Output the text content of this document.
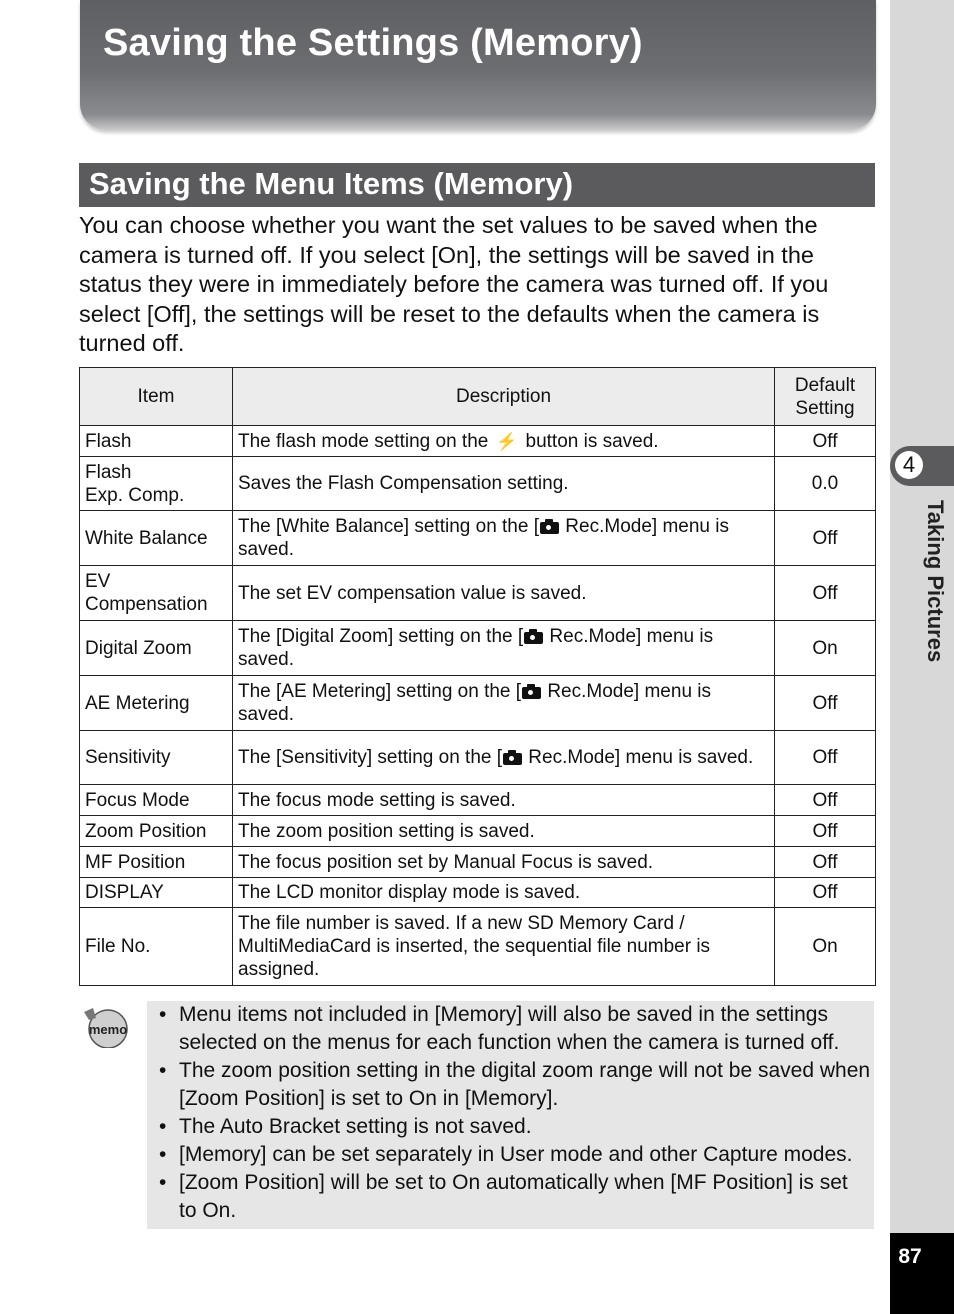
Saving the Settings (Memory)
Saving the Menu Items (Memory)

You can choose whether you want the set values to be saved when the camera is turned off. If you select [On], the settings will be saved in the status they were in immediately before the camera was turned off. If you select [Off], the settings will be reset to the defaults when the camera is turned off.

Item	Description	Default
Setting
Flash	The flash mode setting on the ⚡ button is saved.	Off
Flash
Exp. Comp.	Saves the Flash Compensation setting.	0.0
White Balance	The [White Balance] setting on the [
Rec.Mode] menu is saved.	Off
EV
Compensation	The set EV compensation value is saved.	Off
Digital Zoom	The [Digital Zoom] setting on the [
Rec.Mode] menu is saved.	On
AE Metering	The [AE Metering] setting on the [
Rec.Mode] menu is saved.	Off
Sensitivity	The [Sensitivity] setting on the [
Rec.Mode] menu is saved.	Off
Focus Mode	The focus mode setting is saved.	Off
Zoom Position	The zoom position setting is saved.	Off
MF Position	The focus position set by Manual Focus is saved.	Off
DISPLAY	The LCD monitor display mode is saved.	Off
File No.	The file number is saved. If a new SD Memory Card / MultiMediaCard is inserted, the sequential file number is assigned.	On
memo
• Menu items not included in [Memory] will also be saved in the settings selected on the menus for each function when the camera is turned off.
• The zoom position setting in the digital zoom range will not be saved when [Zoom Position] is set to On in [Memory].
• The Auto Bracket setting is not saved.
• [Memory] can be set separately in User mode and other Capture modes.
• [Zoom Position] will be set to On automatically when [MF Position] is set to On.
4
Taking Pictures
87
